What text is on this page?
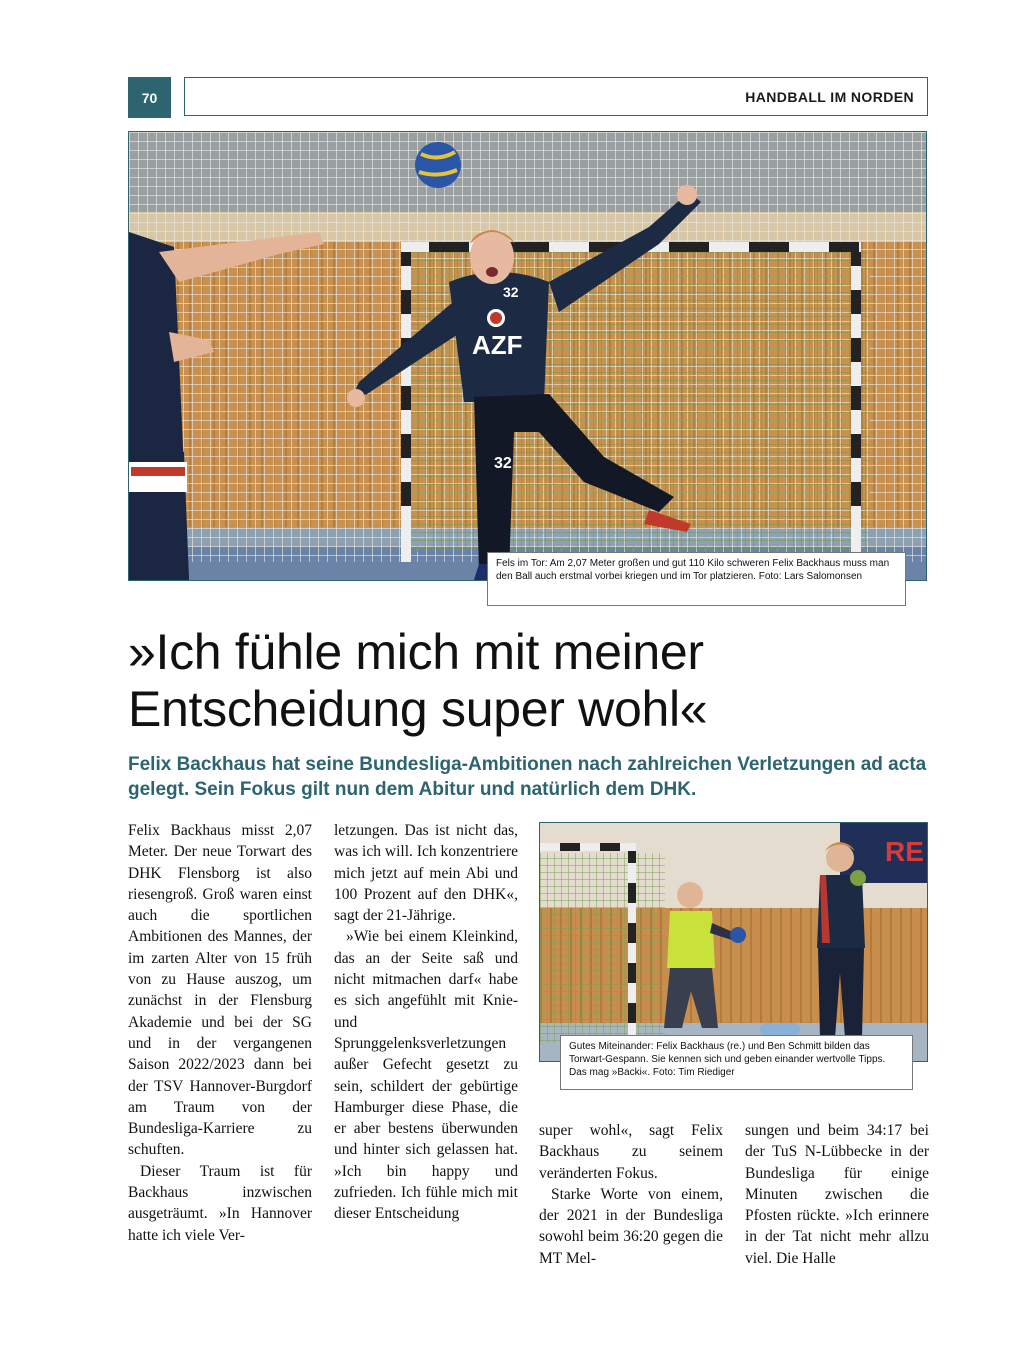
70	HANDBALL IM NORDEN
AZF
32
32
Fels im Tor: Am 2,07 Meter großen und gut 110 Kilo schweren Felix Backhaus muss man den Ball auch erstmal vorbei kriegen und im Tor platzieren. Foto: Lars Salomonsen
»Ich fühle mich mit meiner Entscheidung super wohl«
Felix Backhaus hat seine Bundesliga-Ambitionen nach zahlreichen Verletzungen ad acta gelegt. Sein Fokus gilt nun dem Abitur und natürlich dem DHK.

Felix Backhaus misst 2,07 Meter. Der neue Torwart des DHK Flensborg ist also riesengroß. Groß waren einst auch die sportlichen Ambitionen des Mannes, der im zarten Alter von 15 früh von zu Hause auszog, um zunächst in der Flensburg Akademie und bei der SG und in der vergangenen Saison 2022/2023 dann bei der TSV Hannover-Burgdorf am Traum von der Bundesliga-Karriere zu schuften.

Dieser Traum ist für Backhaus inzwischen ausgeträumt. »In Hannover hatte ich viele Ver-

letzungen. Das ist nicht das, was ich will. Ich konzentriere mich jetzt auf mein Abi und 100 Prozent auf den DHK«, sagt der 21-Jährige.

»Wie bei einem Kleinkind, das an der Seite saß und nicht mitmachen darf« habe es sich angefühlt mit Knie- und Sprunggelenksverletzungen außer Gefecht gesetzt zu sein, schildert der gebürtige Hamburger diese Phase, die er aber bestens überwunden und hinter sich gelassen hat. »Ich bin happy und zufrieden. Ich fühle mich mit dieser Entscheidung

RE
Gutes Miteinander: Felix Backhaus (re.) und Ben Schmitt bilden das Torwart-Gespann. Sie kennen sich und geben einander wertvolle Tipps. Das mag »Backi«. Foto: Tim Riediger

super wohl«, sagt Felix Backhaus zu seinem veränderten Fokus.

Starke Worte von einem, der 2021 in der Bundesliga sowohl beim 36:20 gegen die MT Mel-

sungen und beim 34:17 bei der TuS N-Lübbecke in der Bundesliga für einige Minuten zwischen die Pfosten rückte. »Ich erinnere in der Tat nicht mehr allzu viel. Die Halle
